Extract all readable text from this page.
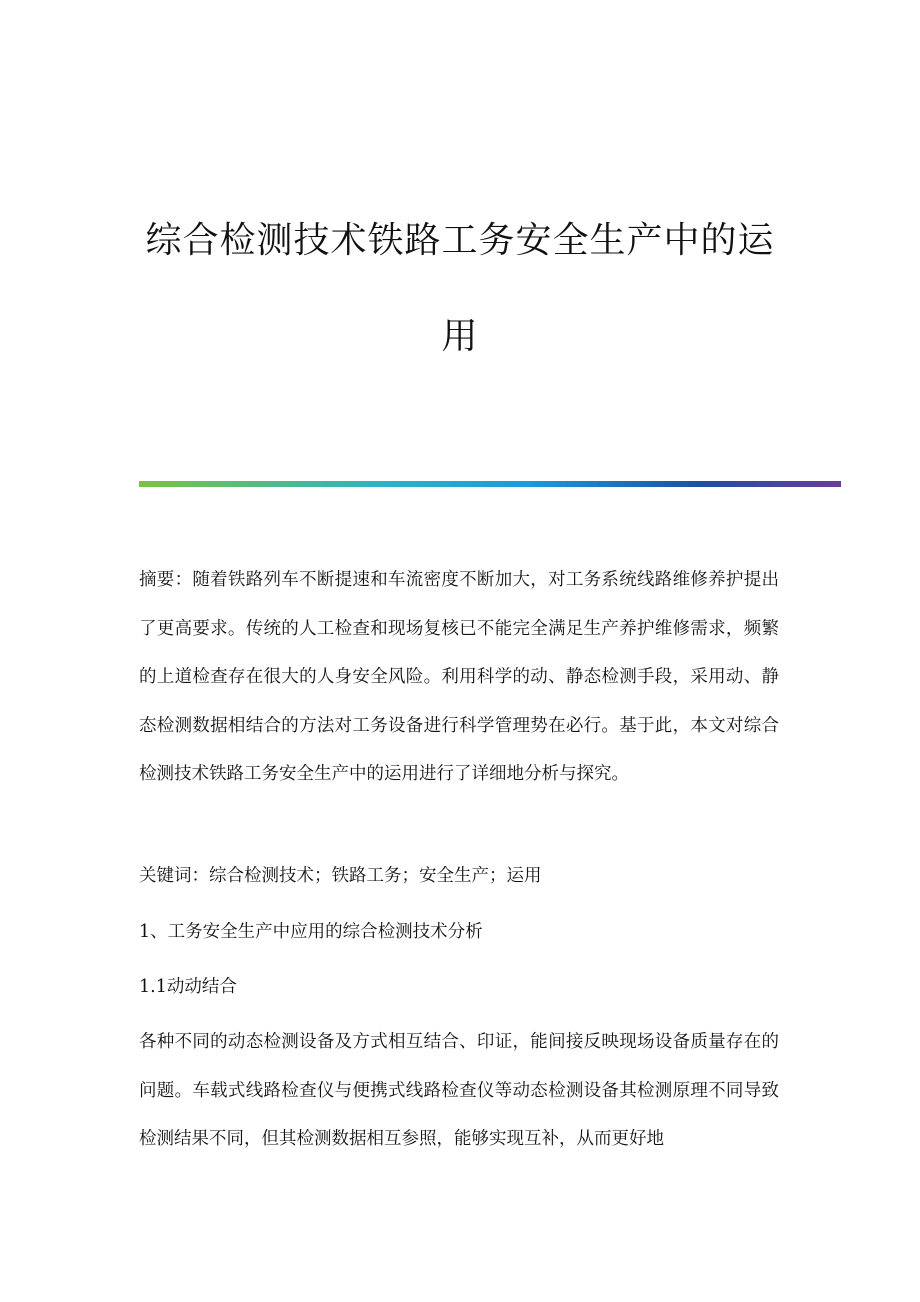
综合检测技术铁路工务安全生产中的运
用

摘要：随着铁路列车不断提速和车流密度不断加大，对工务系统线路维修养护提出了更高要求。传统的人工检查和现场复核已不能完全满足生产养护维修需求，频繁的上道检查存在很大的人身安全风险。利用科学的动、静态检测手段，采用动、静态检测数据相结合的方法对工务设备进行科学管理势在必行。基于此，本文对综合检测技术铁路工务安全生产中的运用进行了详细地分析与探究。

关键词：综合检测技术；铁路工务；安全生产；运用

1、工务安全生产中应用的综合检测技术分析

1.1动动结合

各种不同的动态检测设备及方式相互结合、印证，能间接反映现场设备质量存在的问题。车载式线路检查仪与便携式线路检查仪等动态检测设备其检测原理不同导致检测结果不同，但其检测数据相互参照，能够实现互补，从而更好地
